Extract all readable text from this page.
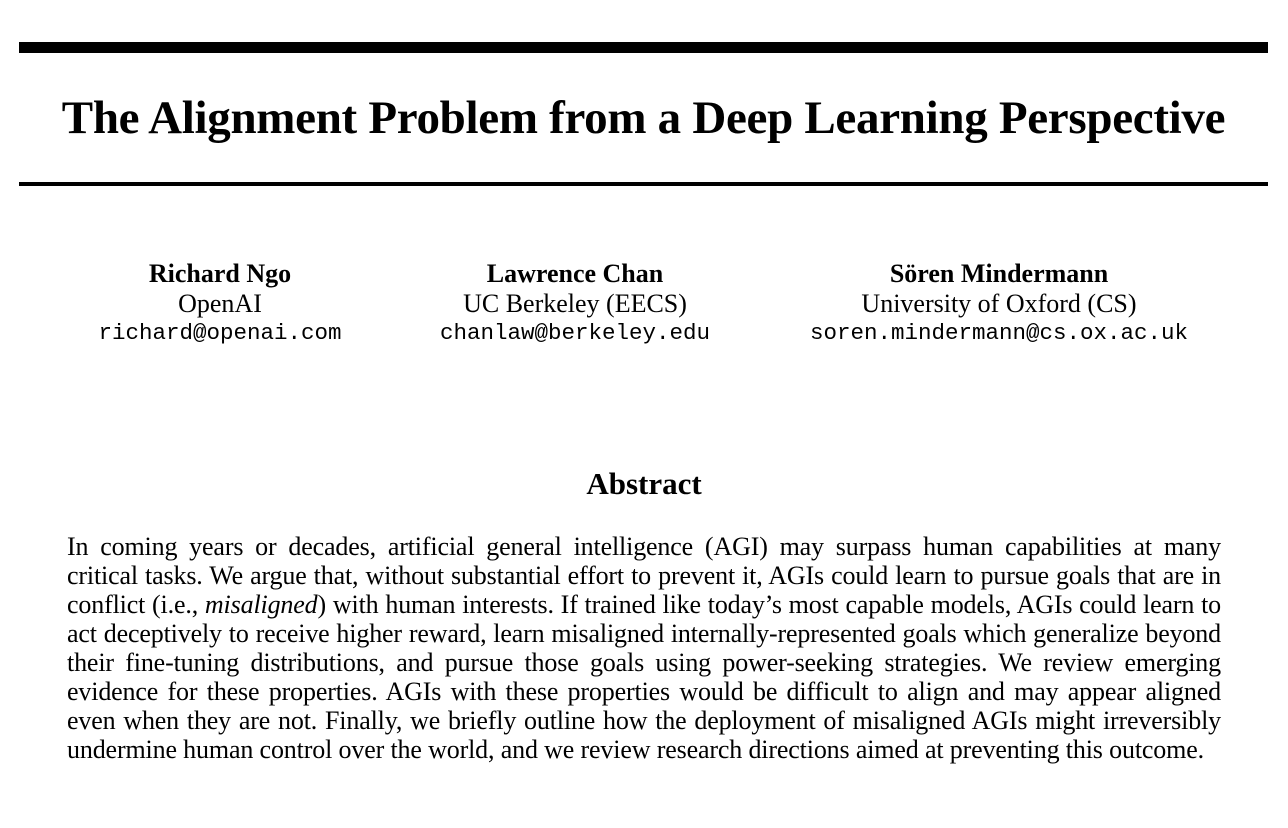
The Alignment Problem from a Deep Learning Perspective
Richard Ngo
OpenAI
richard@openai.com
Lawrence Chan
UC Berkeley (EECS)
chanlaw@berkeley.edu
Sören Mindermann
University of Oxford (CS)
soren.mindermann@cs.ox.ac.uk
Abstract
In coming years or decades, artificial general intelligence (AGI) may surpass human capabilities at many critical tasks. We argue that, without substantial effort to prevent it, AGIs could learn to pursue goals that are in conflict (i.e., misaligned) with human interests. If trained like today’s most capable models, AGIs could learn to act deceptively to receive higher reward, learn misaligned internally-represented goals which generalize beyond their fine-tuning distributions, and pursue those goals using power-seeking strategies. We review emerging evidence for these properties. AGIs with these properties would be difficult to align and may appear aligned even when they are not. Finally, we briefly outline how the deployment of misaligned AGIs might irreversibly undermine human control over the world, and we review research directions aimed at preventing this outcome.
